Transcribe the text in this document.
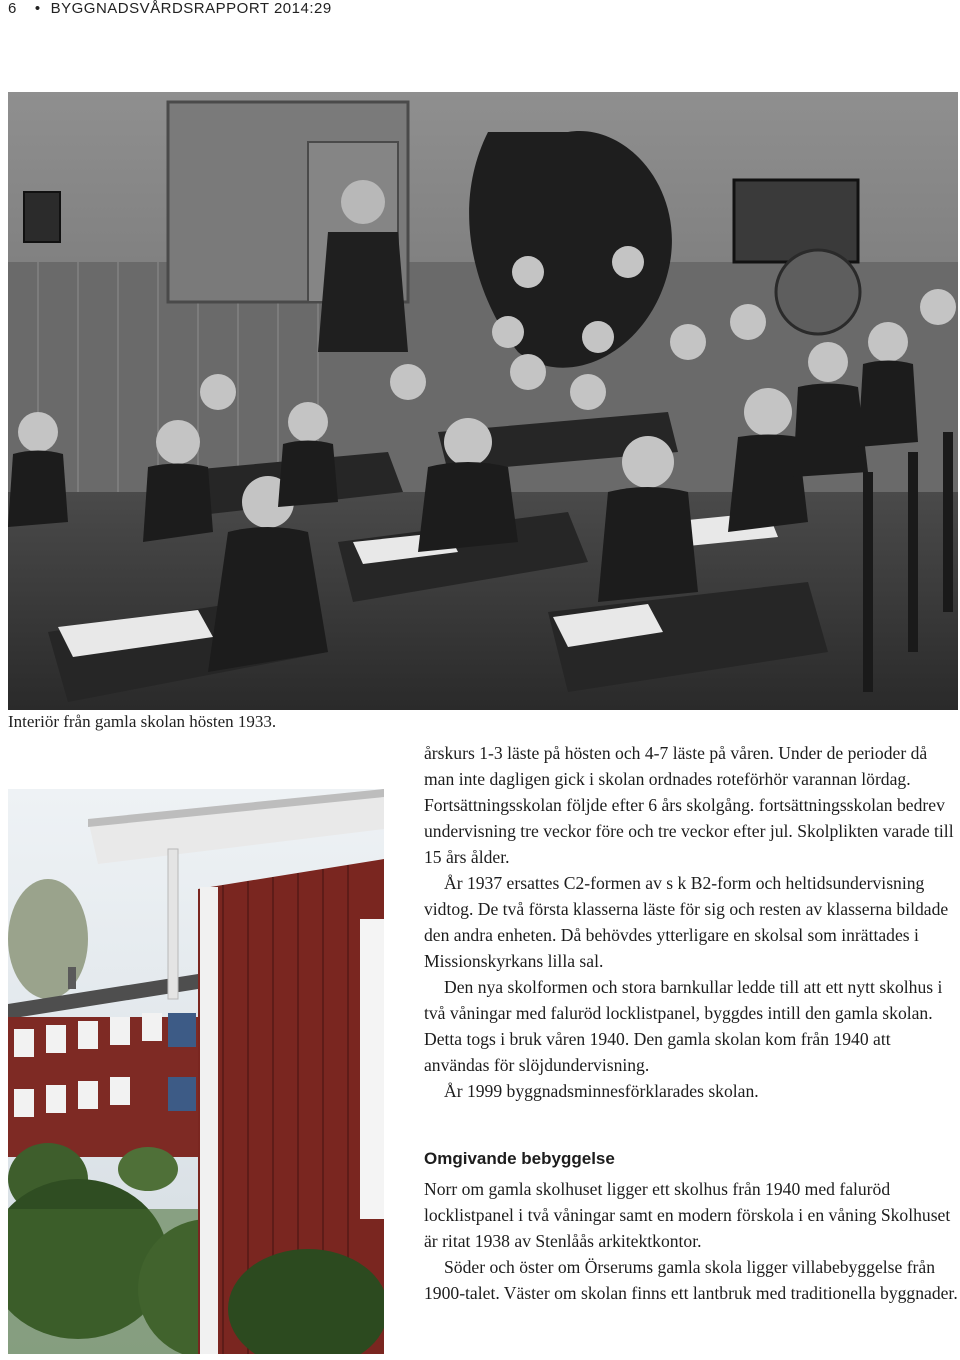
6 • BYGGNADSVÅRDSRAPPORT 2014:29
Interiör från gamla skolan hösten 1933.

årskurs 1-3 läste på hösten och 4-7 läste på våren. Under de perioder då man inte dagligen gick i skolan ordnades roteförhör varannan lördag. Fortsättningsskolan följde efter 6 års skolgång. fortsättningsskolan bedrev undervisning tre veckor före och tre veckor efter jul. Skolplikten varade till 15 års ålder.

År 1937 ersattes C2-formen av s k B2-form och heltidsundervisning vidtog. De två första klasserna läste för sig och resten av klasserna bildade den andra enheten. Då behövdes ytterligare en skolsal som inrättades i Missionskyrkans lilla sal.

Den nya skolformen och stora barnkullar ledde till att ett nytt skolhus i två våningar med faluröd locklistpanel, byggdes intill den gamla skolan. Detta togs i bruk våren 1940. Den gamla skolan kom från 1940 att användas för slöjdundervisning.

År 1999 byggnadsminnesförklarades skolan.

Omgivande bebyggelse

Norr om gamla skolhuset ligger ett skolhus från 1940 med faluröd locklistpanel i två våningar samt en modern förskola i en våning Skolhuset är ritat 1938 av Stenlåås arkitektkontor.

Söder och öster om Örserums gamla skola ligger villabebyggelse från 1900-talet. Väster om skolan finns ett lantbruk med traditionella byggnader.
